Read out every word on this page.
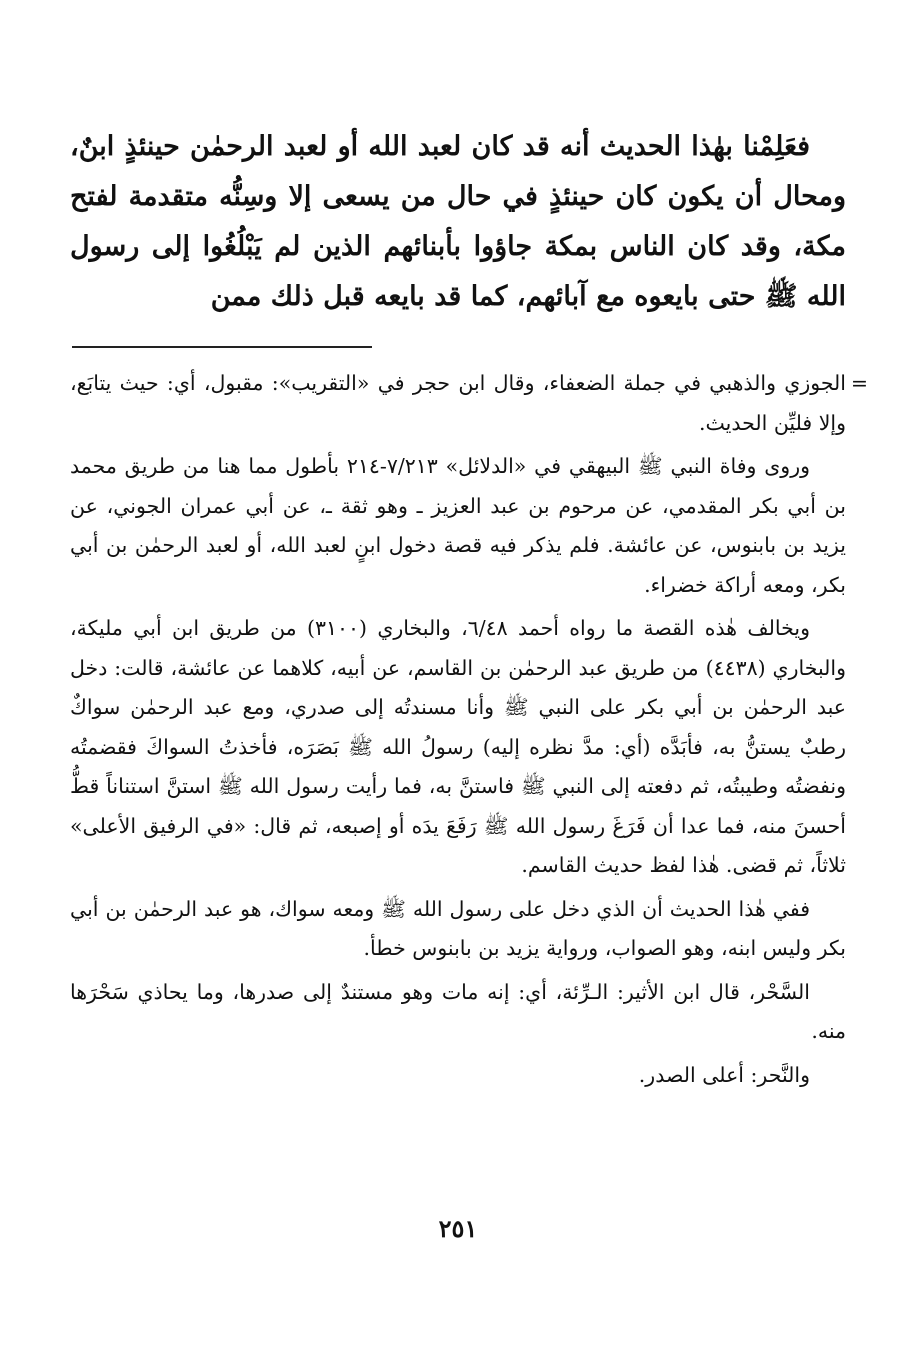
فعَلِمْنا بهٰذا الحديث أنه قد كان لعبد الله أو لعبد الرحمٰن حينئذٍ ابنٌ، ومحال أن يكون كان حينئذٍ في حال من يسعى إلا وسِنُّه متقدمة لفتح مكة، وقد كان الناس بمكة جاؤوا بأبنائهم الذين لم يَبْلُغُوا إلى رسول الله ﷺ حتى بايعوه مع آبائهم، كما قد بايعه قبل ذلك ممن

=
الجوزي والذهبي في جملة الضعفاء، وقال ابن حجر في «التقريب»: مقبول، أي: حيث يتابَع، وإلا فليِّن الحديث.

وروى وفاة النبي ﷺ البيهقي في «الدلائل» ٧/٢١٣-٢١٤ بأطول مما هنا من طريق محمد بن أبي بكر المقدمي، عن مرحوم بن عبد العزيز ـ وهو ثقة ـ، عن أبي عمران الجوني، عن يزيد بن بابنوس، عن عائشة. فلم يذكر فيه قصة دخول ابنٍ لعبد الله، أو لعبد الرحمٰن بن أبي بكر، ومعه أراكة خضراء.

ويخالف هٰذه القصة ما رواه أحمد ٦/٤٨، والبخاري (٣١٠٠) من طريق ابن أبي مليكة، والبخاري (٤٤٣٨) من طريق عبد الرحمٰن بن القاسم، عن أبيه، كلاهما عن عائشة، قالت: دخل عبد الرحمٰن بن أبي بكر على النبي ﷺ وأنا مسندتُه إلى صدري، ومع عبد الرحمٰن سواكٌ رطبٌ يستنُّ به، فأبَدَّه (أي: مدَّ نظره إليه) رسولُ الله ﷺ بَصَرَه، فأخذتُ السواكَ فقضمتُه ونفضتُه وطيبتُه، ثم دفعته إلى النبي ﷺ فاستنَّ به، فما رأيت رسول الله ﷺ استنَّ استناناً قطُّ أحسنَ منه، فما عدا أن فَرَغَ رسول الله ﷺ رَفَعَ يدَه أو إصبعه، ثم قال: «في الرفيق الأعلى» ثلاثاً، ثم قضى. هٰذا لفظ حديث القاسم.

ففي هٰذا الحديث أن الذي دخل على رسول الله ﷺ ومعه سواك، هو عبد الرحمٰن بن أبي بكر وليس ابنه، وهو الصواب، ورواية يزيد بن بابنوس خطأ.

السَّحْر، قال ابن الأثير: الـرِّئة، أي: إنه مات وهو مستندٌ إلى صدرها، وما يحاذي سَحْرَها منه.

والنَّحر: أعلى الصدر.

٢٥١
